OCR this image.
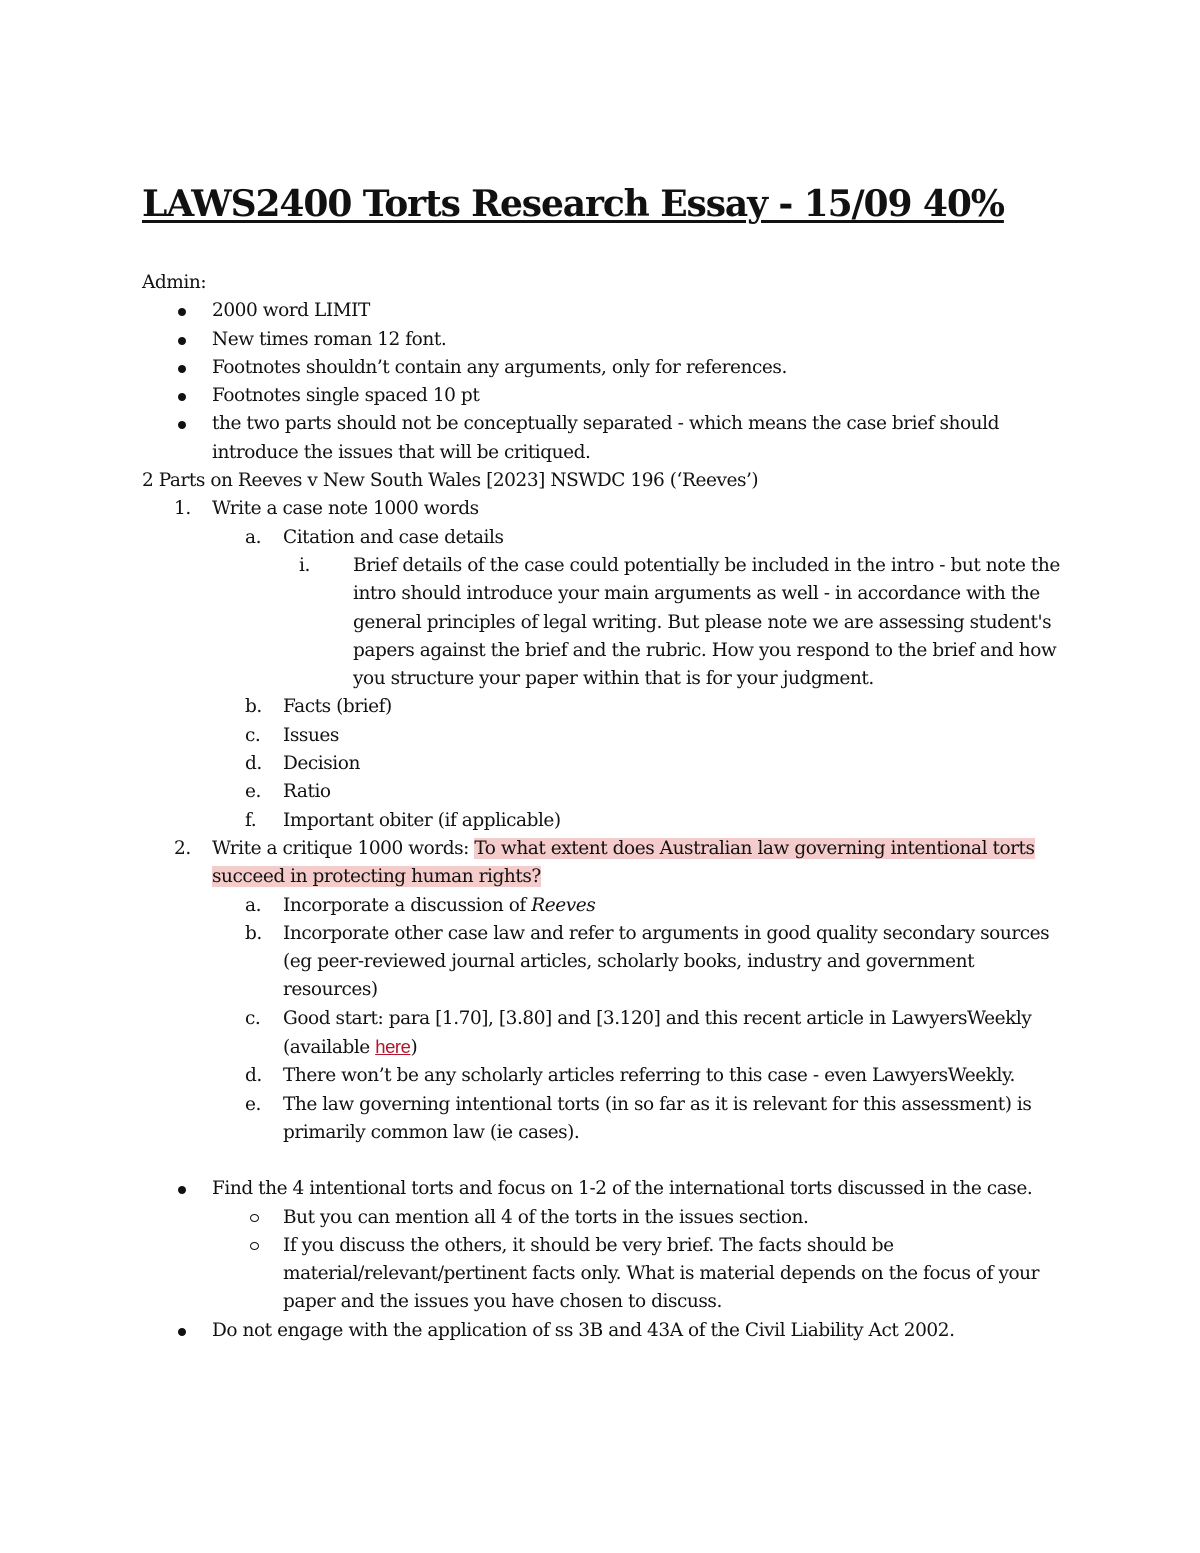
LAWS2400 Torts Research Essay - 15/09 40%
Admin:
2000 word LIMIT
New times roman 12 font.
Footnotes shouldn’t contain any arguments, only for references.
Footnotes single spaced 10 pt
the two parts should not be conceptually separated - which means the case brief should introduce the issues that will be critiqued.
2 Parts on Reeves v New South Wales [2023] NSWDC 196 (‘Reeves’)
1. Write a case note 1000 words
a. Citation and case details
i. Brief details of the case could potentially be included in the intro - but note the intro should introduce your main arguments as well - in accordance with the general principles of legal writing. But please note we are assessing student's papers against the brief and the rubric. How you respond to the brief and how you structure your paper within that is for your judgment.
b. Facts (brief)
c. Issues
d. Decision
e. Ratio
f. Important obiter (if applicable)
2. Write a critique 1000 words: To what extent does Australian law governing intentional torts succeed in protecting human rights?
a. Incorporate a discussion of Reeves
b. Incorporate other case law and refer to arguments in good quality secondary sources (eg peer-reviewed journal articles, scholarly books, industry and government resources)
c. Good start: para [1.70], [3.80] and [3.120] and this recent article in LawyersWeekly (available here)
d. There won’t be any scholarly articles referring to this case - even LawyersWeekly.
e. The law governing intentional torts (in so far as it is relevant for this assessment) is primarily common law (ie cases).
Find the 4 intentional torts and focus on 1-2 of the international torts discussed in the case.
But you can mention all 4 of the torts in the issues section.
If you discuss the others, it should be very brief. The facts should be material/relevant/pertinent facts only. What is material depends on the focus of your paper and the issues you have chosen to discuss.
Do not engage with the application of ss 3B and 43A of the Civil Liability Act 2002.
